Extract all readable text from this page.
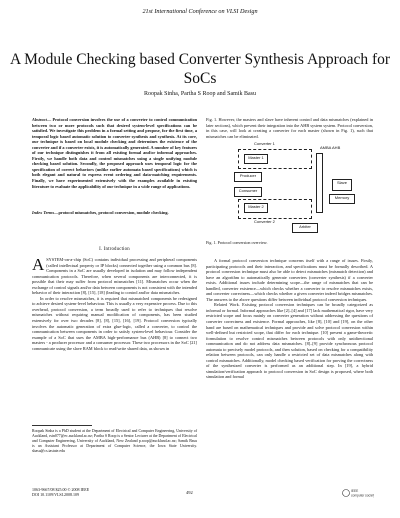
21st International Conference on VLSI Design
A Module Checking based Converter Synthesis Approach for SoCs
Roopak Sinha, Partha S Roop and Samik Basu
Abstract— Protocol conversion involves the use of a converter to control communication between two or more protocols such that desired system-level specifications can be satisfied. We investigate this problem in a formal setting and propose, for the first time, a temporal logic based automatic solution to converter synthesis and synthesis. At its core, our technique is based on local module checking and determines the existence of the converter and if a converter exists, it is automatically generated. A number of key features of our technique distinguishes it from all existing formal and/or informal approaches. Firstly, we handle both data and control mismatches using a single unifying module checking based solution. Secondly, the proposed approach uses temporal logic for the specification of correct behaviors (unlike earlier automata based specifications) which is both elegant and natural to express event ordering and data-matching requirements. Finally, we have experimented extensively with the examples available in existing literature to evaluate the applicability of our technique in a wide range of applications.
Index Terms—protocol mismatches, protocol conversion, module checking.
I. Introduction

ASYSTEM-on-a-chip (SoC) contains individual processing and peripheral components (called intellectual property or IP blocks) connected together using a common bus [8]. Components in a SoC are usually developed in isolation and may follow independent communication protocols. Therefore, when several components are interconnected, it is possible that their may suffer from protocol mismatches [11]. Mismatches occur when the exchange of control signals and/or data between components is not consistent with the intended behavior of their interaction [8], [15], [18] (leading to control and/or data mismatches.

In order to resolve mismatches, it is required that mismatched components be redesigned to achieve desired system-level behaviour. This is usually a very expensive process. Due to this overhead, protocol conversion, a term broadly used to refer to techniques that resolve mismatches without requiring manual modification of components, has been studied extensively for over two decades [8], [8], [15], [16], [19]. Protocol conversion typically involves the automatic generation of extra glue-logic, called a converter, to control the communication between components in order to satisfy system-level behaviour. Consider the example of a SoC that uses the AMBA high-performance bus (AHB) [8] to connect two masters - a producer processor and a consumer processor. These two processors in the SoC [21] communicate using the slave RAM block to read/write shared data, as shown in

Roopak Sinha is a PhD student at the Department of Electrical and Computer Engineering, University of Auckland, rsin077@ec.auckland.ac.nz; Partha S Roop is a Senior Lecturer at the Department of Electrical and Computer Engineering, University of Auckland, New Zealand p.roop@auckland.ac.nz; Samik Basu is an Assistant Professor at Department of Computer Science, the Iowa State University. sbasu@cs.iastate.edu
Fig. 1. However, the masters and slave have inherent control and data mismatches (explained in later sections), which prevent their integration into the AHB system system. Protocol conversion, in this case, will look at creating a converter for each master (shown in Fig. 1), such that mismatches can be eliminated.
Converter 1
Master 1
AMBA AHB
Producer
Slave
Memory
Consumer
Master 2
Converter 2
Arbiter
Fig. 1. Protocol conversion overview.

A formal protocol conversion technique concerns itself with a range of issues. Firstly, participating protocols and their interaction, and specifications must be formally described. A protocol conversion technique must also be able to detect mismatches (mismatch detection) and have an algorithm to automatically generate converters (converter synthesis) if a converter exists. Additional issues include determining scope—the range of mismatches that can be handled, converter existence—which checks whether a converter to resolve mismatches exists, and converter correctness—which checks whether a given converter indeed bridges mismatches. The answers to the above questions differ between individual protocol conversion techniques.

Related Work. Existing protocol conversion techniques can be broadly categorized as informal or formal. Informal approaches like [2]–[4] and [17] lack mathematical rigor, have very restricted scope and focus mainly on converter generation without addressing the questions of converter correctness and existence. Formal approaches, like [8], [10] and [19], on the other hand are based on mathematical techniques and provide and solve protocol conversion within well-defined but restricted scope, that differ for each technique. [10] present a game-theoretic formulation to resolve control mismatches between protocols with only unidirectional communication and do not address data mismatches. [8]–[9] provide synchronous protocol automata to precisely model protocols, and then solution, based on checking for a compatibility relation between protocols, can only handle a restricted set of data mismatches along with control mismatches. Additionally, model checking based verification for proving the correctness of the synthesized converter is performed as an additional step. In [19], a hybrid simulation/verification approach to protocol conversion in SoC design is proposed, where both simulation and formal

1063-9667/08 $25.00 © 2008 IEEE
DOI 10.1109/VLSI.2008.109	492	IEEE
computer society
